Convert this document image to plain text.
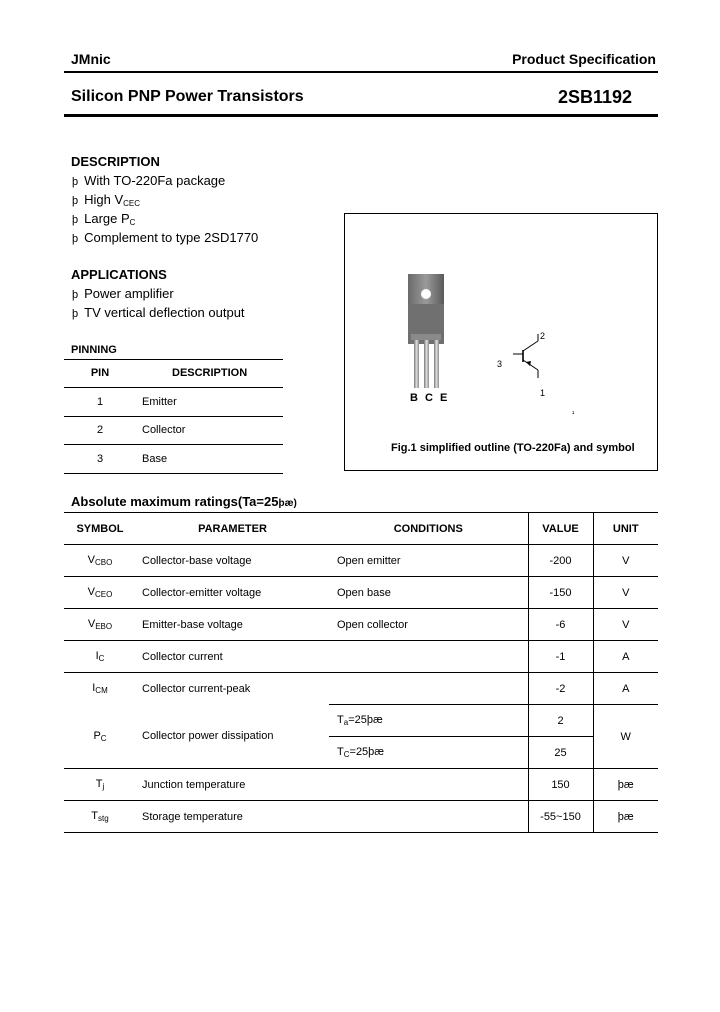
JMnic	Product Specification
Silicon PNP Power Transistors	2SB1192
DESCRIPTION
þ With TO-220Fa package
þ High $V_{CEC}$
þ Large $P_C$
þ Complement to type 2SD1770
APPLICATIONS
þ Power amplifier
þ TV vertical deflection output
PINNING
PIN	DESCRIPTION
1	Emitter
2	Collector
3	Base
B C E
2
3
1
¹
Fig.1 simplified outline (TO-220Fa) and symbol
Absolute maximum ratings(Ta=25þæ)
SYMBOL	PARAMETER	CONDITIONS	VALUE	UNIT
$V_{CBO}$	Collector-base voltage	Open emitter	-200	V
$V_{CEO}$	Collector-emitter voltage	Open base	-150	V
$V_{EBO}$	Emitter-base voltage	Open collector	-6	V
$I_C$	Collector current		-1	A
$I_{CM}$	Collector current-peak		-2	A
$P_C$	Collector power dissipation	$T_a=25þæ$	2	W
		$T_C=25þæ$	25	
$T_j$	Junction temperature		150	þæ
$T_{stg}$	Storage temperature		-55~150	þæ
